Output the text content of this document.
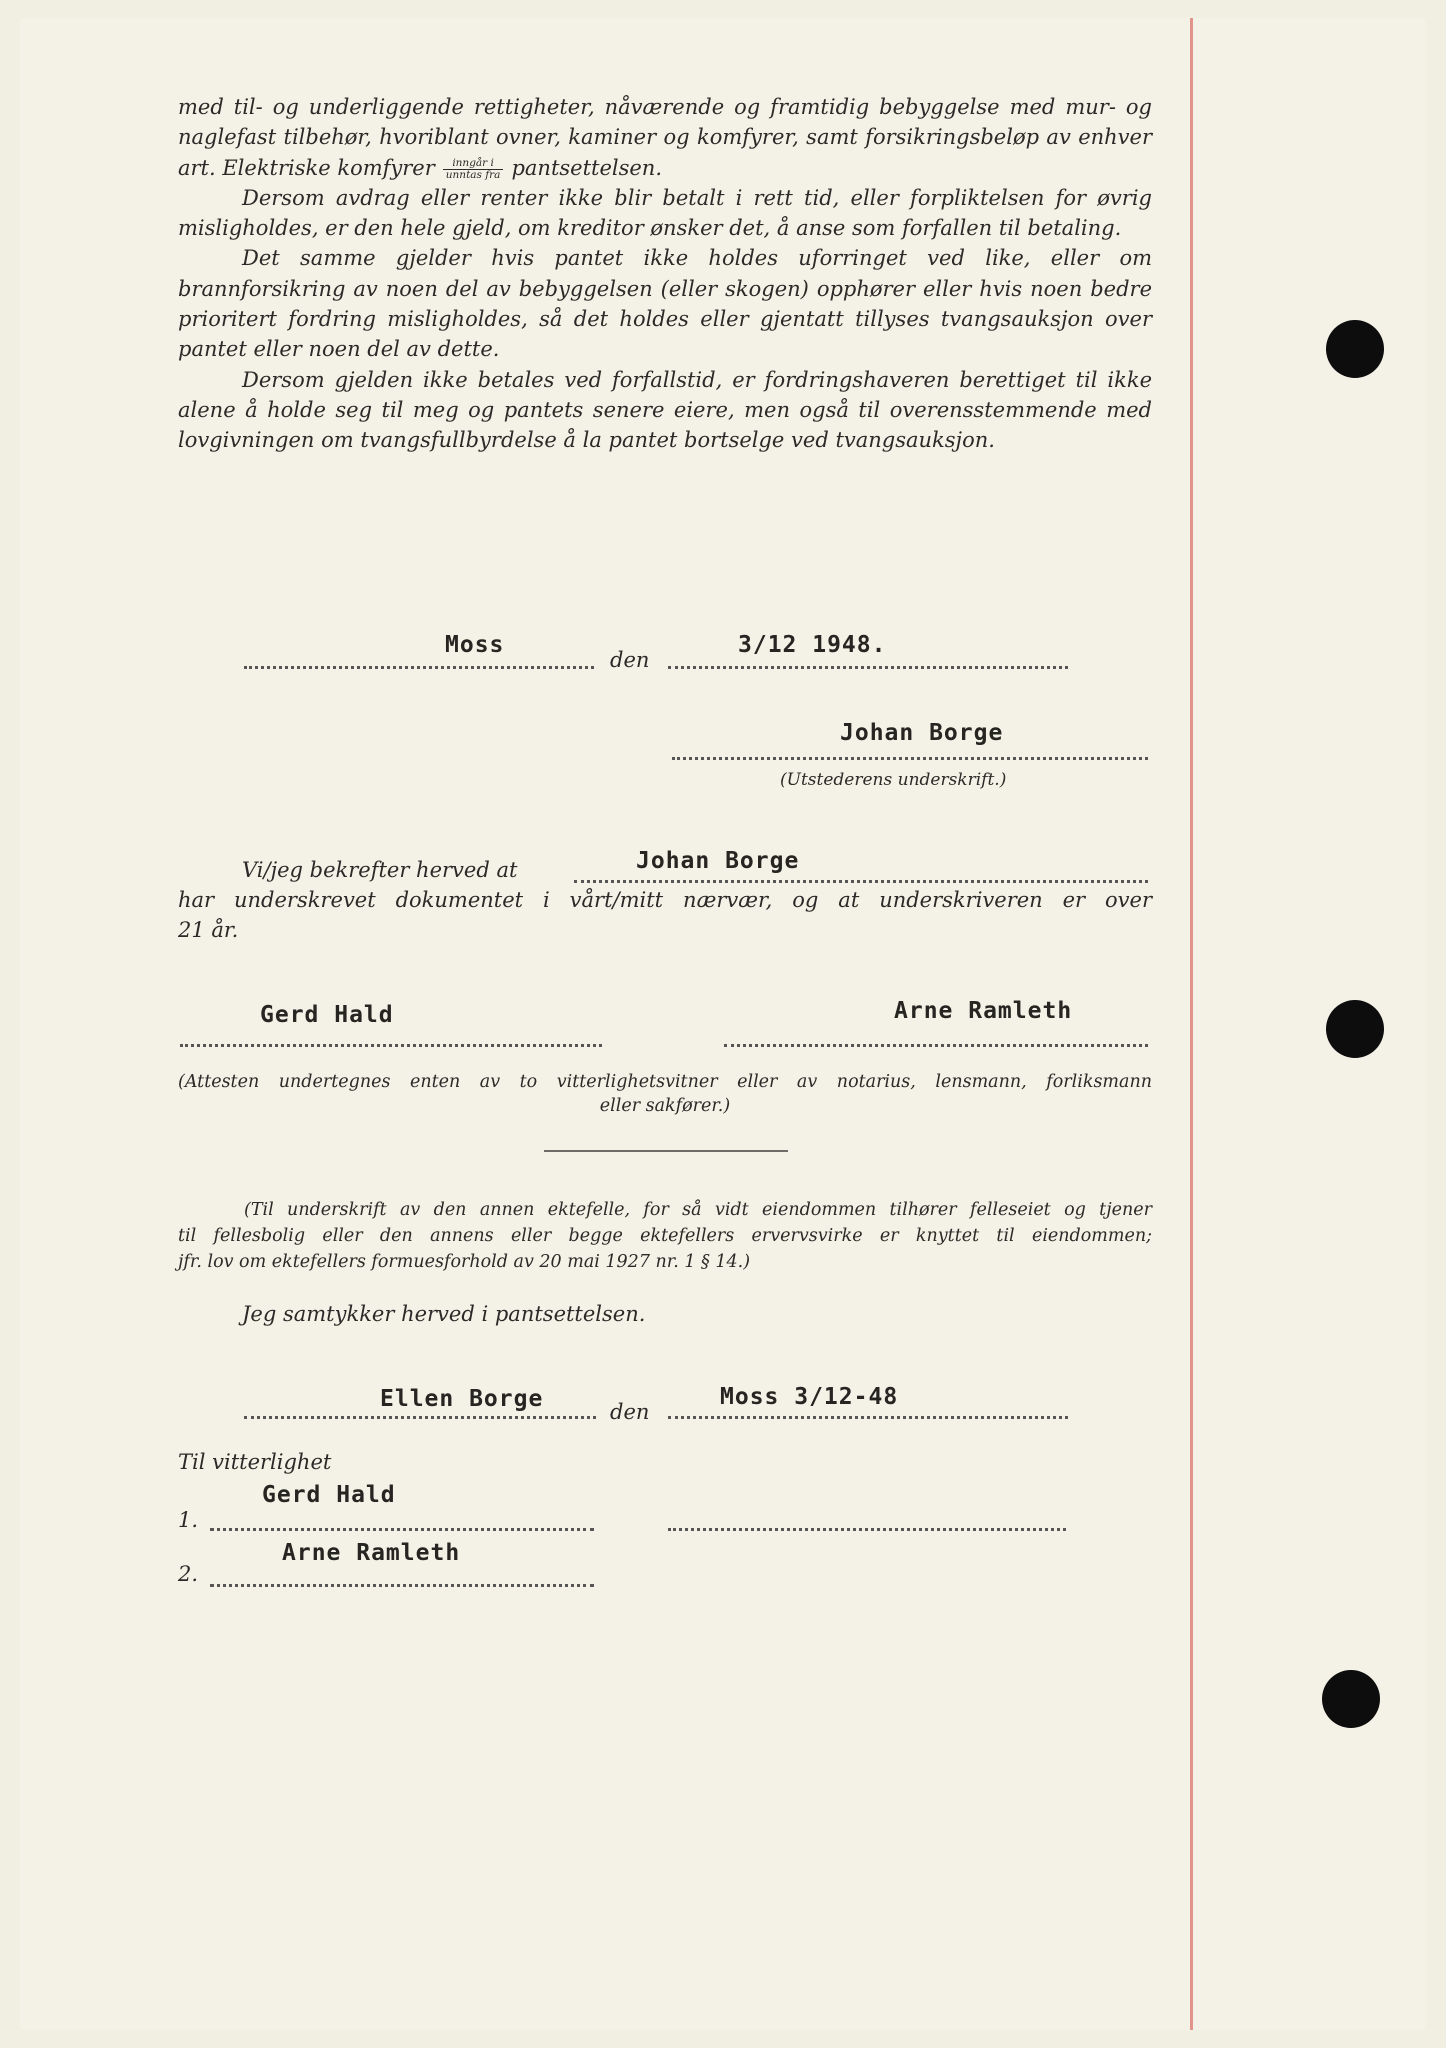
med til- og underliggende rettigheter, nåværende og framtidig bebyggelse med mur- og naglefast tilbehør, hvoriblant ovner, kaminer og komfyrer, samt forsikringsbeløp av enhver art. Elektriske komfyrer $\frac{\text{inngår i}}{\text{unntas fra}}$ pantsettelsen.

Dersom avdrag eller renter ikke blir betalt i rett tid, eller forpliktelsen for øvrig misligholdes, er den hele gjeld, om kreditor ønsker det, å anse som forfallen til betaling.

Det samme gjelder hvis pantet ikke holdes uforringet ved like, eller om brannforsikring av noen del av bebyggelsen (eller skogen) opphører eller hvis noen bedre prioritert fordring misligholdes, så det holdes eller gjentatt tillyses tvangsauksjon over pantet eller noen del av dette.

Dersom gjelden ikke betales ved forfallstid, er fordringshaveren berettiget til ikke alene å holde seg til meg og pantets senere eiere, men også til overensstemmende med lovgivningen om tvangsfullbyrdelse å la pantet bortselge ved tvangsauksjon.

Moss
den
3/12 1948.
Johan Borge
(Utstederens underskrift.)
Vi/jeg bekrefter herved at	Johan Borge
har underskrevet dokumentet i vårt/mitt nærvær, og at underskriveren er over
21 år.
Gerd Hald	Arne Ramleth
(Attesten undertegnes enten av to vitterlighetsvitner eller av notarius, lensmann, forliksmann
eller sakfører.)
(Til underskrift av den annen ektefelle, for så vidt eiendommen tilhører felleseiet og tjener
til fellesbolig eller den annens eller begge ektefellers ervervsvirke er knyttet til eiendommen;
jfr. lov om ektefellers formuesforhold av 20 mai 1927 nr. 1 § 14.)
Jeg samtykker herved i pantsettelsen.
Ellen Borge	den
Moss 3/12-48
Til vitterlighet
Gerd Hald
1.
Arne Ramleth
2.
